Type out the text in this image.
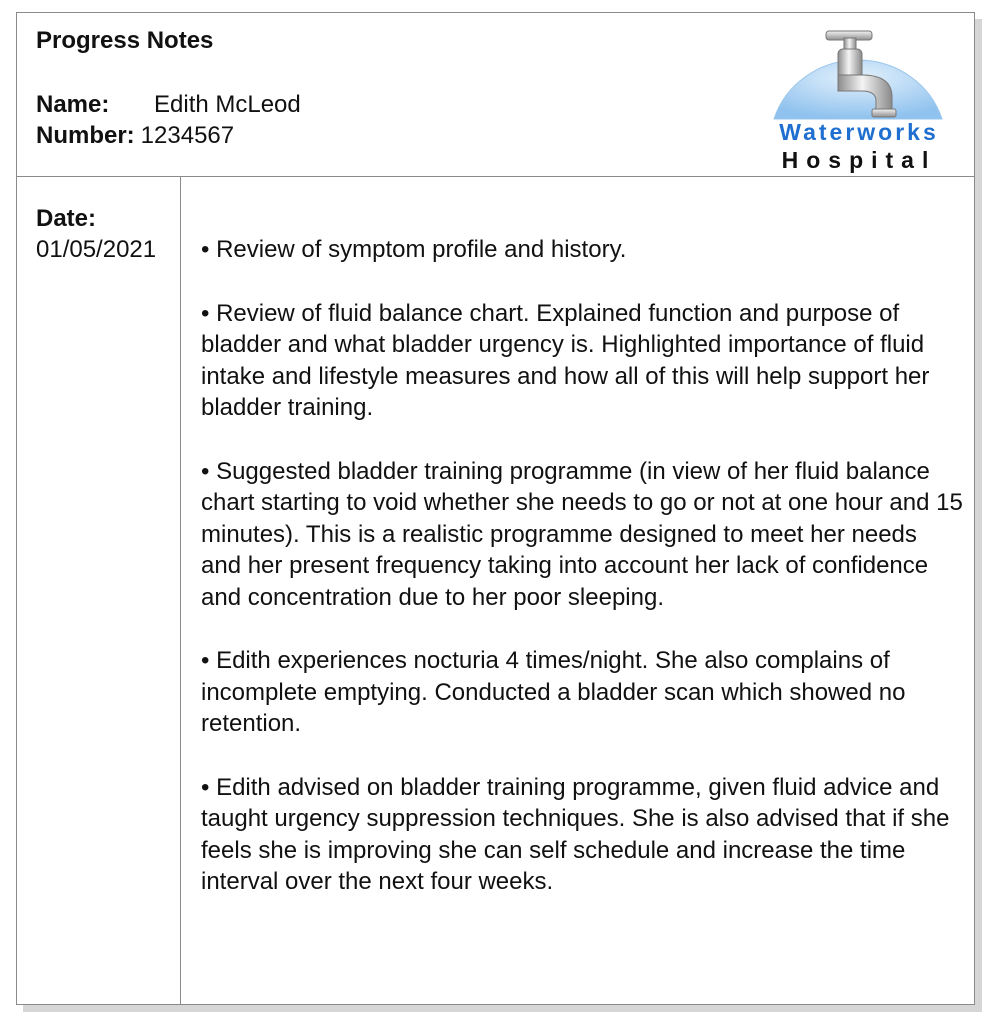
Progress Notes
Name: Edith McLeod
Number: 1234567	Waterworks
Hospital
Date:
01/05/2021 • Review of symptom profile and history.

• Review of fluid balance chart. Explained function and purpose of bladder and what bladder urgency is. Highlighted importance of fluid intake and lifestyle measures and how all of this will help support her bladder training.

• Suggested bladder training programme (in view of her fluid balance chart starting to void whether she needs to go or not at one hour and 15 minutes). This is a realistic programme designed to meet her needs and her present frequency taking into account her lack of confidence and concentration due to her poor sleeping.

• Edith experiences nocturia 4 times/night. She also complains of incomplete emptying. Conducted a bladder scan which showed no retention.

• Edith advised on bladder training programme, given fluid advice and taught urgency suppression techniques. She is also advised that if she feels she is improving she can self schedule and increase the time interval over the next four weeks.
